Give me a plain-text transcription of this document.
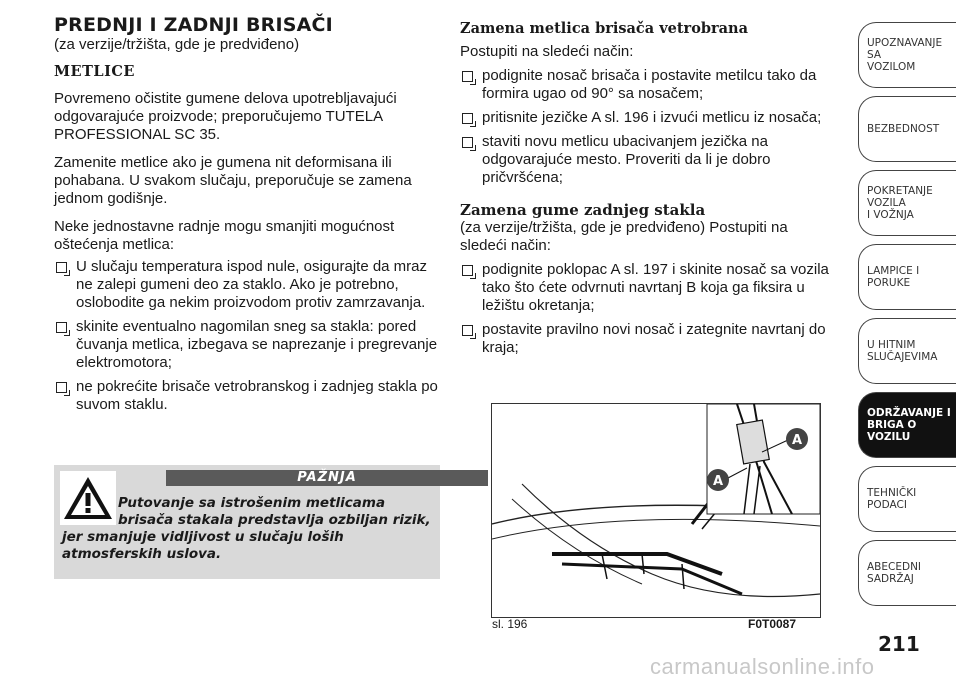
PREDNJI I ZADNJI BRISAČI

(za verzije/tržišta, gde je predviđeno)

METLICE

Povremeno očistite gumene delova upotrebljavajući odgovarajuće proizvode; preporučujemo TUTELA PROFESSIONAL SC 35.

Zamenite metlice ako je gumena nit deformisana ili pohabana. U svakom slučaju, preporučuje se zamena jednom godišnje.

Neke jednostavne radnje mogu smanjiti mogućnost oštećenja metlica:

U slučaju temperatura ispod nule, osigurajte da mraz ne zalepi gumeni deo za staklo. Ako je potrebno, oslobodite ga nekim proizvodom protiv zamrzavanja.
skinite eventualno nagomilan sneg sa stakla: pored čuvanja metlica, izbegava se naprezanje i pregrevanje elektromotora;
ne pokrećite brisače vetrobranskog i zadnjeg stakla po suvom staklu.
PAŽNJA
Putovanje sa istrošenim metlicama
brisača stakala predstavlja ozbiljan rizik,
jer smanjuje vidljivost u slučaju loših
atmosferskih uslova.

Zamena metlica brisača vetrobrana

Postupiti na sledeći način:

podignite nosač brisača i postavite metilcu tako da formira ugao od 90° sa nosačem;
pritisnite jezičke A sl. 196 i izvući metlicu iz nosača;
staviti novu metlicu ubacivanjem jezička na odgovarajuće mesto. Proveriti da li je dobro pričvršćena;

Zamena gume zadnjeg stakla

(za verzije/tržišta, gde je predviđeno) Postupiti na sledeći način:

podignite poklopac A sl. 197 i skinite nosač sa vozila tako što ćete odvrnuti navrtanj B koja ga fiksira u ležištu okretanja;
postavite pravilno novi nosač i zategnite navrtanj do kraja;
A
A
sl. 196	F0T0087
UPOZNAVANJE SA
VOZILOM
BEZBEDNOST
POKRETANJE VOZILA
I VOŽNJA
LAMPICE I PORUKE
U HITNIM
SLUČAJEVIMA
ODRŽAVANJE I
BRIGA O VOZILU
TEHNIČKI PODACI
ABECEDNI SADRŽAJ
211
carmanualsonline.info
